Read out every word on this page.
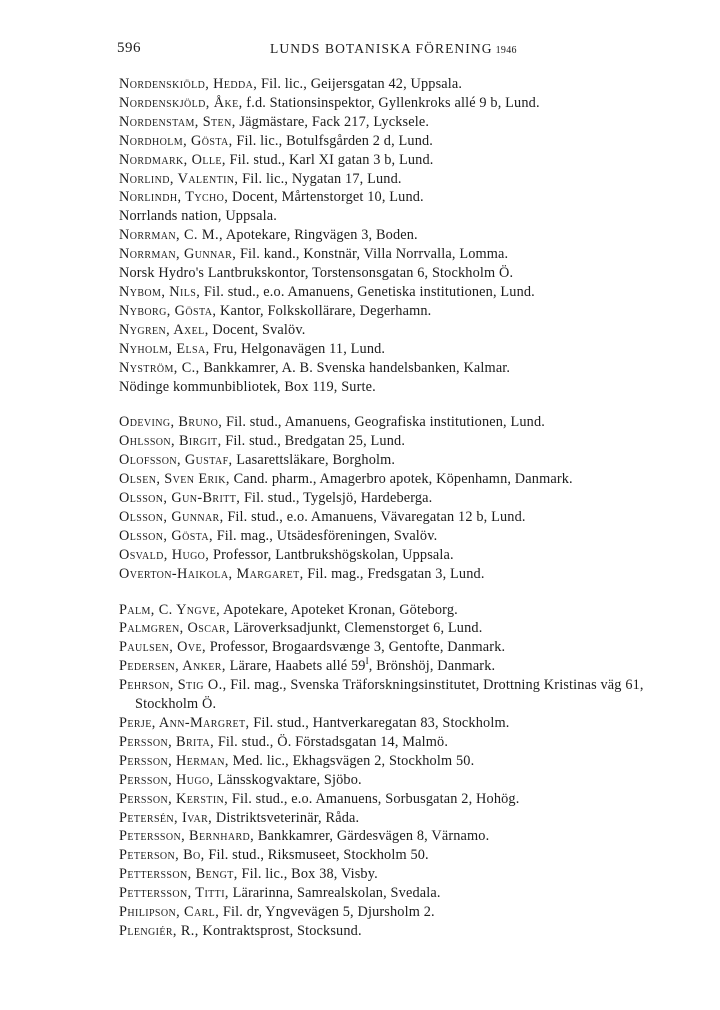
596	LUNDS BOTANISKA FÖRENING 1946
Nordenskiöld, Hedda, Fil. lic., Geijersgatan 42, Uppsala.
Nordenskjöld, Åke, f.d. Stationsinspektor, Gyllenkroks allé 9 b, Lund.
Nordenstam, Sten, Jägmästare, Fack 217, Lycksele.
Nordholm, Gösta, Fil. lic., Botulfsgården 2 d, Lund.
Nordmark, Olle, Fil. stud., Karl XI gatan 3 b, Lund.
Norlind, Valentin, Fil. lic., Nygatan 17, Lund.
Norlindh, Tycho, Docent, Mårtenstorget 10, Lund.
Norrlands nation, Uppsala.
Norrman, C. M., Apotekare, Ringvägen 3, Boden.
Norrman, Gunnar, Fil. kand., Konstnär, Villa Norrvalla, Lomma.
Norsk Hydro's Lantbrukskontor, Torstensonsgatan 6, Stockholm Ö.
Nybom, Nils, Fil. stud., e.o. Amanuens, Genetiska institutionen, Lund.
Nyborg, Gösta, Kantor, Folkskollärare, Degerhamn.
Nygren, Axel, Docent, Svalöv.
Nyholm, Elsa, Fru, Helgonavägen 11, Lund.
Nyström, C., Bankkamrer, A. B. Svenska handelsbanken, Kalmar.
Nödinge kommunbibliotek, Box 119, Surte.
Odeving, Bruno, Fil. stud., Amanuens, Geografiska institutionen, Lund.
Ohlsson, Birgit, Fil. stud., Bredgatan 25, Lund.
Olofsson, Gustaf, Lasarettsläkare, Borgholm.
Olsen, Sven Erik, Cand. pharm., Amagerbro apotek, Köpenhamn, Danmark.
Olsson, Gun-Britt, Fil. stud., Tygelsjö, Hardeberga.
Olsson, Gunnar, Fil. stud., e.o. Amanuens, Vävaregatan 12 b, Lund.
Olsson, Gösta, Fil. mag., Utsädesföreningen, Svalöv.
Osvald, Hugo, Professor, Lantbrukshögskolan, Uppsala.
Overton-Haikola, Margaret, Fil. mag., Fredsgatan 3, Lund.
Palm, C. Yngve, Apotekare, Apoteket Kronan, Göteborg.
Palmgren, Oscar, Läroverksadjunkt, Clemenstorget 6, Lund.
Paulsen, Ove, Professor, Brogaardsvænge 3, Gentofte, Danmark.
Pedersen, Anker, Lärare, Haabets allé $59^I$, Brönshöj, Danmark.
Pehrson, Stig O., Fil. mag., Svenska Träforskningsinstitutet, Drottning Kristinas väg 61, Stockholm Ö.
Perje, Ann-Margret, Fil. stud., Hantverkaregatan 83, Stockholm.
Persson, Brita, Fil. stud., Ö. Förstadsgatan 14, Malmö.
Persson, Herman, Med. lic., Ekhagsvägen 2, Stockholm 50.
Persson, Hugo, Länsskogvaktare, Sjöbo.
Persson, Kerstin, Fil. stud., e.o. Amanuens, Sorbusgatan 2, Hohög.
Petersén, Ivar, Distriktsveterinär, Råda.
Petersson, Bernhard, Bankkamrer, Gärdesvägen 8, Värnamo.
Peterson, Bo, Fil. stud., Riksmuseet, Stockholm 50.
Pettersson, Bengt, Fil. lic., Box 38, Visby.
Pettersson, Titti, Lärarinna, Samrealskolan, Svedala.
Philipson, Carl, Fil. dr, Yngvevägen 5, Djursholm 2.
Plengiér, R., Kontraktsprost, Stocksund.
